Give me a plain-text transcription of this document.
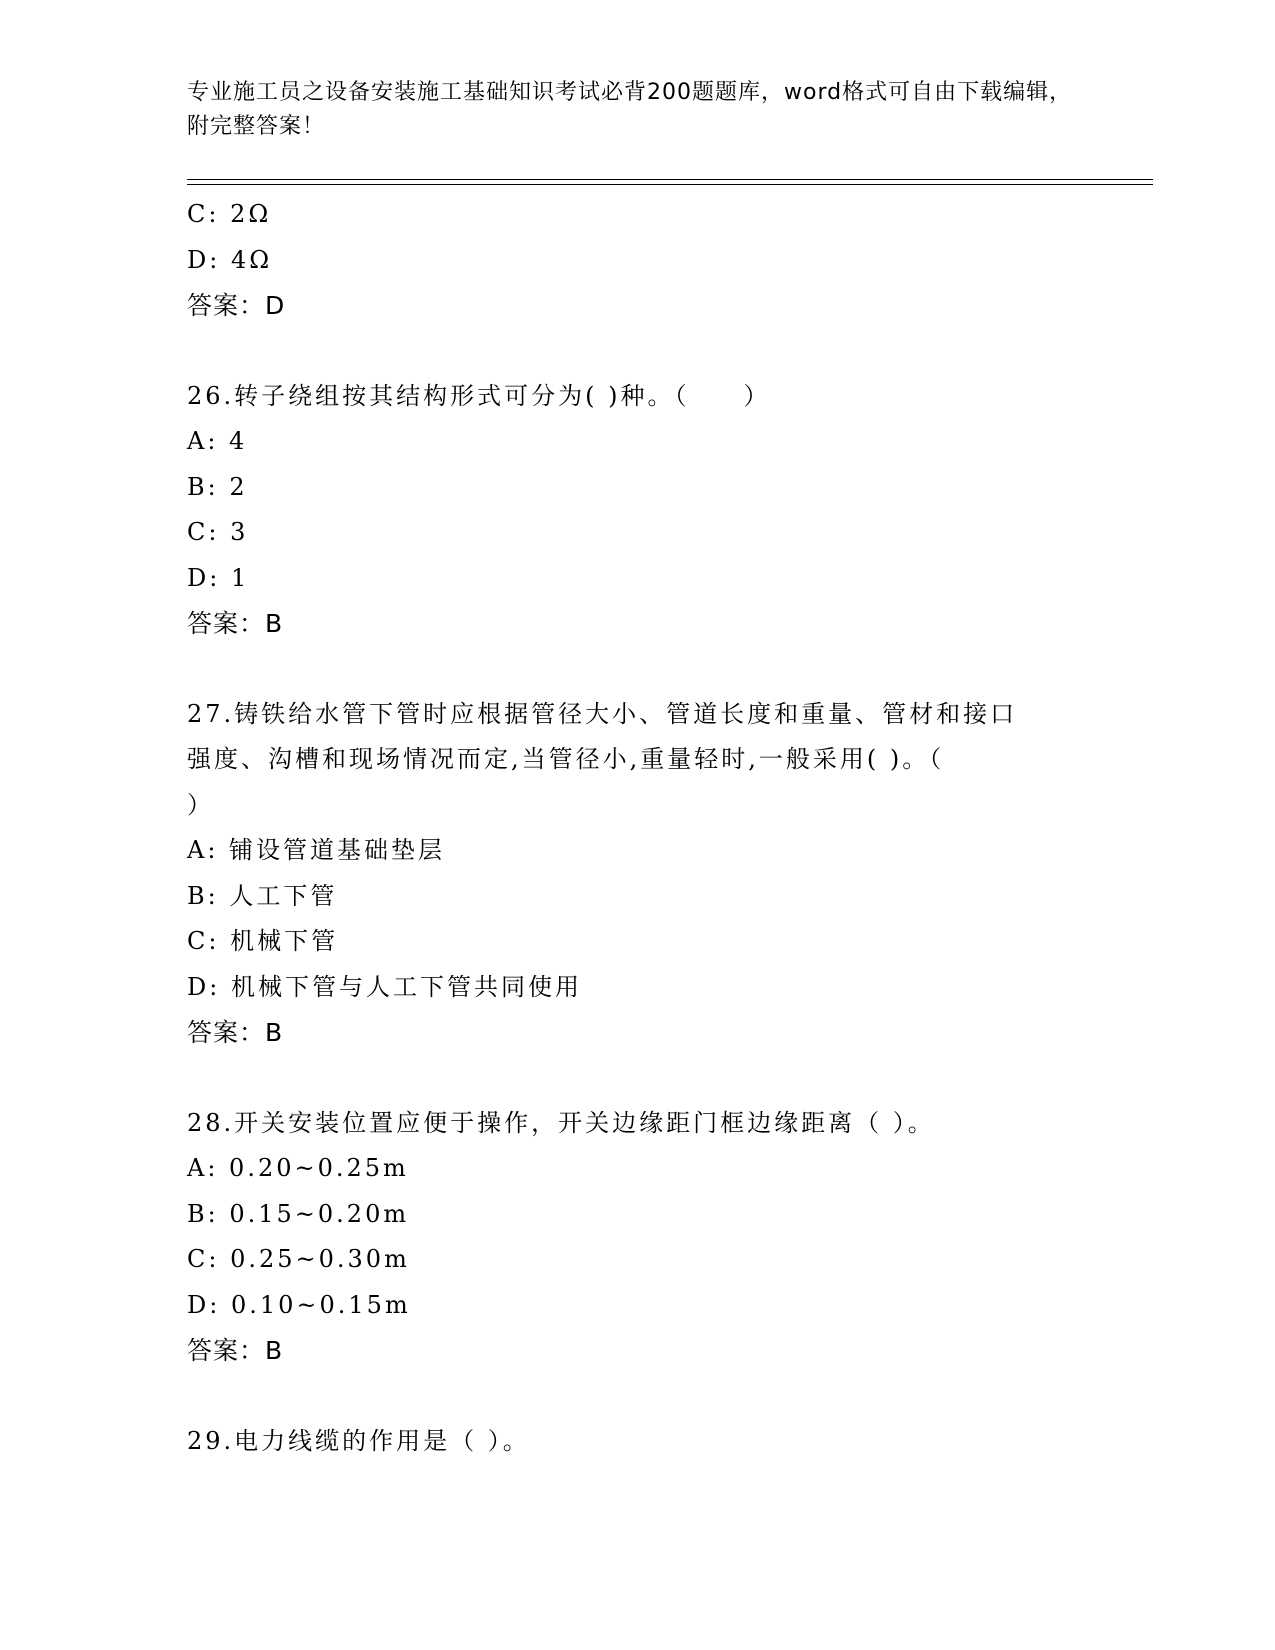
专业施工员之设备安装施工基础知识考试必背200题题库，word格式可自由下载编辑，附完整答案！
C: 2Ω
D: 4Ω
答案：D
26.转子绕组按其结构形式可分为( )种。（　　）
A: 4
B: 2
C: 3
D: 1
答案：B
27.铸铁给水管下管时应根据管径大小、管道长度和重量、管材和接口
强度、沟槽和现场情况而定,当管径小,重量轻时,一般采用( )。（
）
A: 铺设管道基础垫层
B: 人工下管
C: 机械下管
D: 机械下管与人工下管共同使用
答案：B
28.开关安装位置应便于操作，开关边缘距门框边缘距离（ ）。
A: 0.20~0.25m
B: 0.15~0.20m
C: 0.25~0.30m
D: 0.10~0.15m
答案：B
29.电力线缆的作用是（ ）。
